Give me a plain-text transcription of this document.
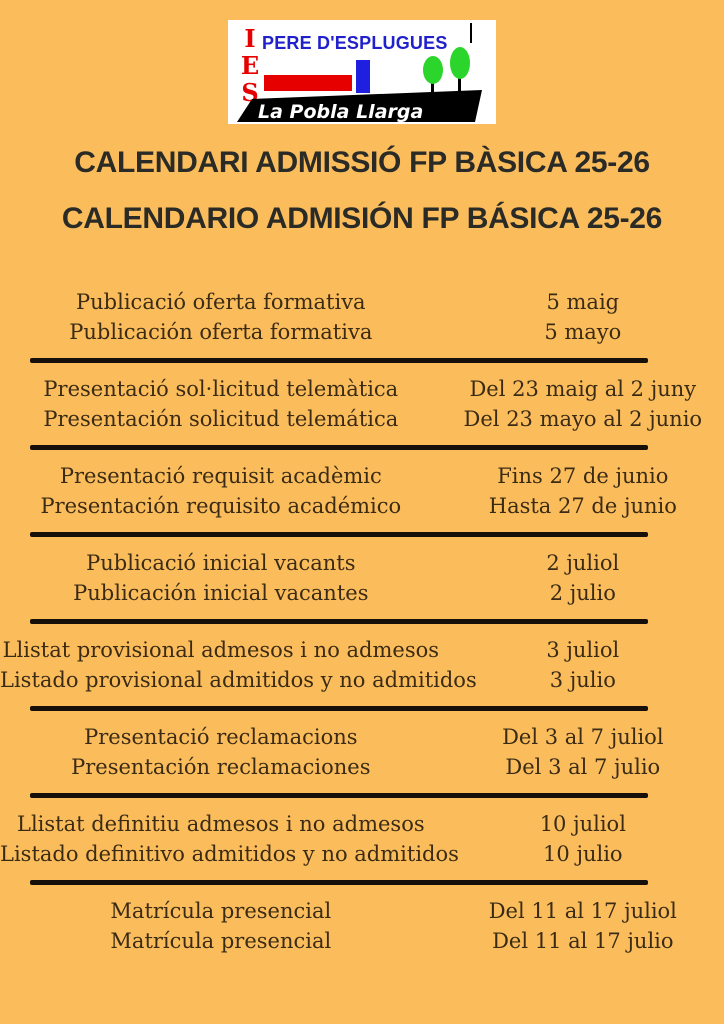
I
E
S
PERE D'ESPLUGUES
La Pobla Llarga
CALENDARI ADMISSIÓ FP BÀSICA 25-26
CALENDARIO ADMISIÓN FP BÁSICA 25-26
Publicació oferta formativa
Publicación oferta formativa
5 maig
5 mayo
Presentació sol·licitud telemàtica
Presentación solicitud telemática
Del 23 maig al 2 juny
Del 23 mayo al 2 junio
Presentació requisit acadèmic
Presentación requisito académico
Fins 27 de junio
Hasta 27 de junio
Publicació inicial vacants
Publicación inicial vacantes
2 juliol
2 julio
Llistat provisional admesos i no admesos
Listado provisional admitidos y no admitidos
3 juliol
3 julio
Presentació reclamacions
Presentación reclamaciones
Del 3 al 7 juliol
Del 3 al 7 julio
Llistat definitiu admesos i no admesos
Listado definitivo admitidos y no admitidos
10 juliol
10 julio
Matrícula presencial
Matrícula presencial
Del 11 al 17 juliol
Del 11 al 17 julio
